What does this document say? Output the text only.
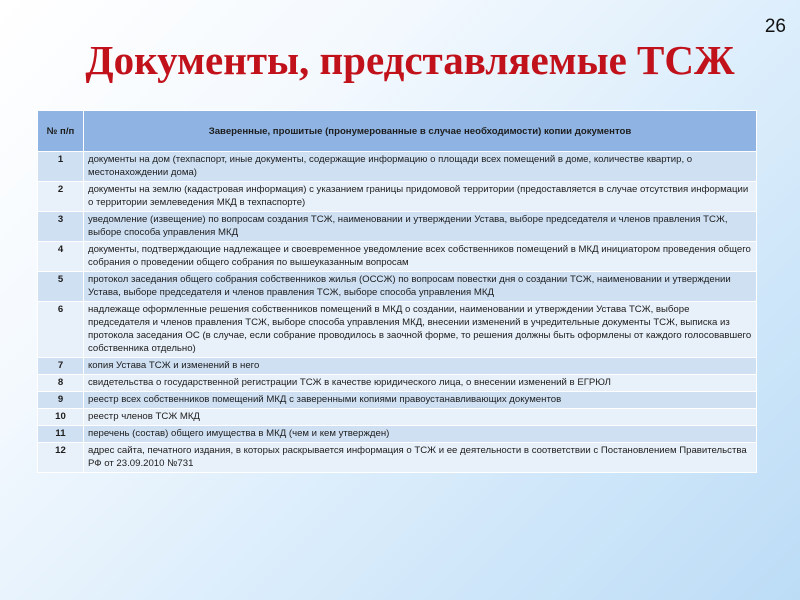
26
Документы, представляемые ТСЖ
№ п/п	Заверенные, прошитые (пронумерованные в случае необходимости) копии документов
1	документы на дом (техпаспорт, иные документы, содержащие информацию о площади всех помещений в доме, количестве квартир, о местонахождении дома)
2	документы на землю (кадастровая информация) с указанием границы придомовой территории (предоставляется в случае отсутствия информации о территории землеведения МКД в техпаспорте)
3	уведомление (извещение) по вопросам создания ТСЖ, наименовании и утверждении Устава, выборе председателя и членов правления ТСЖ, выборе способа управления МКД
4	документы, подтверждающие надлежащее и своевременное уведомление всех собственников помещений в МКД инициатором проведения общего собрания о проведении общего собрания по вышеуказанным вопросам
5	протокол заседания общего собрания собственников жилья (ОССЖ) по вопросам повестки дня о создании ТСЖ, наименовании и утверждении Устава, выборе председателя и членов правления ТСЖ, выборе способа управления МКД
6	надлежаще оформленные решения собственников помещений в МКД о создании, наименовании и утверждении Устава ТСЖ, выборе председателя и членов правления ТСЖ, выборе способа управления МКД, внесении изменений в учредительные документы ТСЖ, выписка из протокола заседания ОС (в случае, если собрание проводилось в заочной форме, то решения должны быть оформлены от каждого голосовавшего собственника отдельно)
7	копия Устава ТСЖ и изменений в него
8	свидетельства о государственной регистрации ТСЖ в качестве юридического лица, о внесении изменений в ЕГРЮЛ
9	реестр всех собственников помещений МКД с заверенными копиями правоустанавливающих документов
10	реестр членов ТСЖ МКД
11	перечень (состав) общего имущества в МКД (чем и кем утвержден)
12	адрес сайта, печатного издания, в которых раскрывается информация о ТСЖ и ее деятельности в соответствии с Постановлением Правительства РФ от 23.09.2010 №731
